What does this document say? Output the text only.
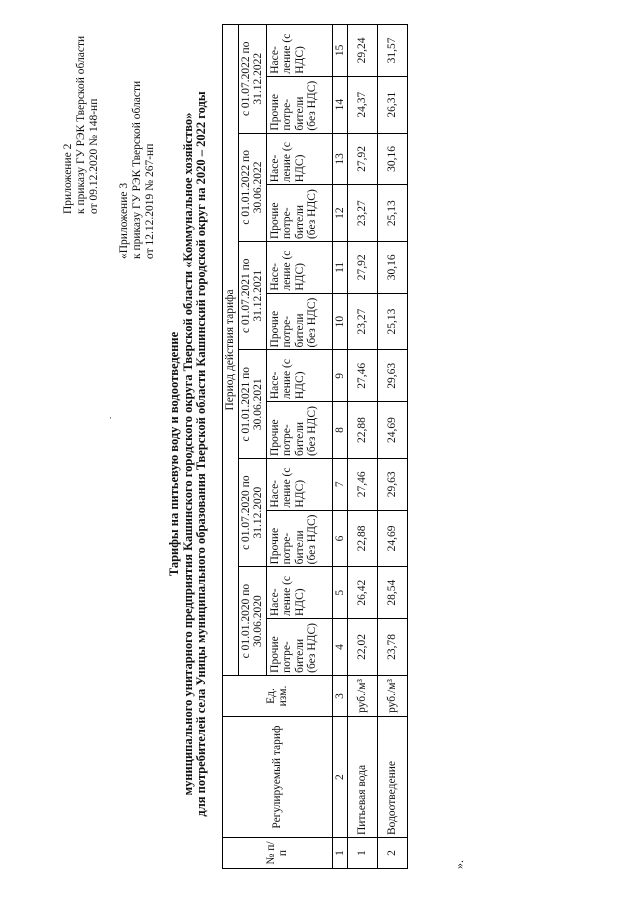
Приложение 2 к приказу ГУ РЭК Тверской области от 09.12.2020 № 148-нп
«Приложение 3 к приказу ГУ РЭК Тверской области от 12.12.2019 № 267-нп
Тарифы на питьевую воду и водоотведение муниципального унитарного предприятия Кашинского городского округа Тверской области «Коммунальное хозяйство» для потребителей села Уницы муниципального образования Тверской области Кашинский городской округ на 2020 – 2022 годы
№ п/п	Регулируемый тариф	Ед. изм.	Период действия тарифа											
			с 01.01.2020 по 30.06.2020		с 01.07.2020 по 31.12.2020		с 01.01.2021 по 30.06.2021		с 01.07.2021 по 31.12.2021		с 01.01.2022 по 30.06.2022		с 01.07.2022 по 31.12.2022	
			Прочие потре-бители (без НДС)	Насе-ление (с НДС)	Прочие потре-бители (без НДС)	Насе-ление (с НДС)	Прочие потре-бители (без НДС)	Насе-ление (с НДС)	Прочие потре-бители (без НДС)	Насе-ление (с НДС)	Прочие потре-бители (без НДС)	Насе-ление (с НДС)	Прочие потре-бители (без НДС)	Насе-ление (с НДС)
1	2	3	4	5	6	7	8	9	10	11	12	13	14	15
1	Питьевая вода	руб./м³	22,02	26,42	22,88	27,46	22,88	27,46	23,27	27,92	23,27	27,92	24,37	29,24
2	Водоотведение	руб./м³	23,78	28,54	24,69	29,63	24,69	29,63	25,13	30,16	25,13	30,16	26,31	31,57
».
.
